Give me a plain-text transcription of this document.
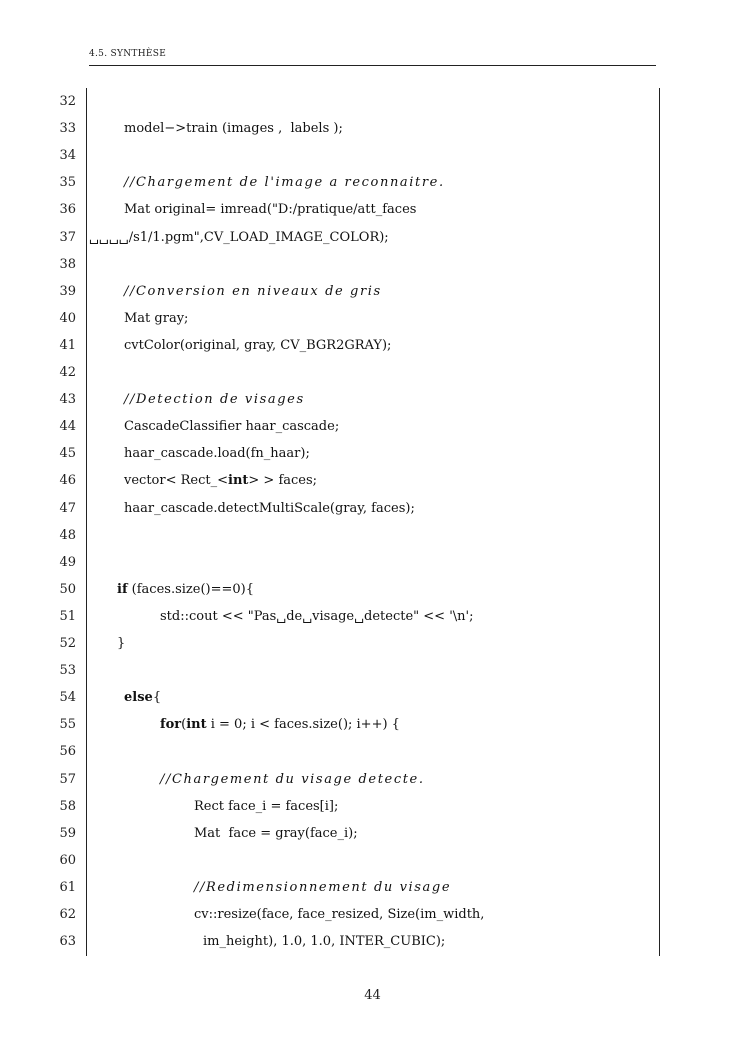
4.5. SYNTHÈSE
32
33	model−>train (images ,  labels );
34
35	//Chargement de l'image a reconnaitre.
36	Mat original= imread("D:/pratique/att_faces
37 ␣␣␣␣/s1/1.pgm",CV_LOAD_IMAGE_COLOR);
38
39	//Conversion en niveaux de gris
40	Mat gray;
41	cvtColor(original, gray, CV_BGR2GRAY);
42
43	//Detection de visages
44	CascadeClassifier haar_cascade;
45	haar_cascade.load(fn_haar);
46	vector< Rect_<int> > faces;
47	haar_cascade.detectMultiScale(gray, faces);
48
49
50	if (faces.size()==0){
51	std::cout << "Pas␣de␣visage␣detecte" << '\n';
52	}
53
54	else{
55	for(int i = 0; i < faces.size(); i++) {
56
57	//Chargement du visage detecte.
58	Rect face_i = faces[i];
59	Mat  face = gray(face_i);
60
61	//Redimensionnement du visage
62	cv::resize(face, face_resized, Size(im_width,
63	im_height), 1.0, 1.0, INTER_CUBIC);
44
